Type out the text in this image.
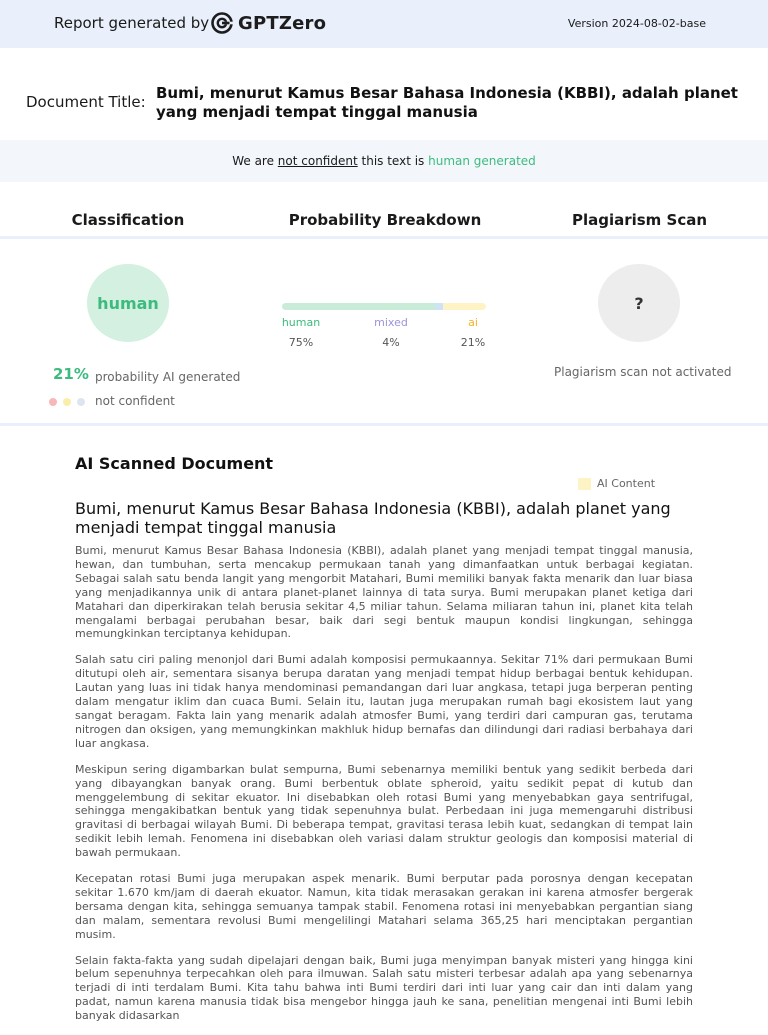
Report generated by GPTZero	Version 2024-08-02-base
Document Title: Bumi, menurut Kamus Besar Bahasa Indonesia (KBBI), adalah planet yang menjadi tempat tinggal manusia
We are not confident this text is human generated
Classification	Probability Breakdown	Plagiarism Scan
human
21% probability AI generated
not confident
human	mixed	ai
75%	4%	21%
?
Plagiarism scan not activated
AI Scanned Document
AI Content
Bumi, menurut Kamus Besar Bahasa Indonesia (KBBI), adalah planet yang menjadi tempat tinggal manusia

Bumi, menurut Kamus Besar Bahasa Indonesia (KBBI), adalah planet yang menjadi tempat tinggal manusia, hewan, dan tumbuhan, serta mencakup permukaan tanah yang dimanfaatkan untuk berbagai kegiatan. Sebagai salah satu benda langit yang mengorbit Matahari, Bumi memiliki banyak fakta menarik dan luar biasa yang menjadikannya unik di antara planet-planet lainnya di tata surya. Bumi merupakan planet ketiga dari Matahari dan diperkirakan telah berusia sekitar 4,5 miliar tahun. Selama miliaran tahun ini, planet kita telah mengalami berbagai perubahan besar, baik dari segi bentuk maupun kondisi lingkungan, sehingga memungkinkan terciptanya kehidupan.

Salah satu ciri paling menonjol dari Bumi adalah komposisi permukaannya. Sekitar 71% dari permukaan Bumi ditutupi oleh air, sementara sisanya berupa daratan yang menjadi tempat hidup berbagai bentuk kehidupan. Lautan yang luas ini tidak hanya mendominasi pemandangan dari luar angkasa, tetapi juga berperan penting dalam mengatur iklim dan cuaca Bumi. Selain itu, lautan juga merupakan rumah bagi ekosistem laut yang sangat beragam. Fakta lain yang menarik adalah atmosfer Bumi, yang terdiri dari campuran gas, terutama nitrogen dan oksigen, yang memungkinkan makhluk hidup bernafas dan dilindungi dari radiasi berbahaya dari luar angkasa.

Meskipun sering digambarkan bulat sempurna, Bumi sebenarnya memiliki bentuk yang sedikit berbeda dari yang dibayangkan banyak orang. Bumi berbentuk oblate spheroid, yaitu sedikit pepat di kutub dan menggelembung di sekitar ekuator. Ini disebabkan oleh rotasi Bumi yang menyebabkan gaya sentrifugal, sehingga mengakibatkan bentuk yang tidak sepenuhnya bulat. Perbedaan ini juga memengaruhi distribusi gravitasi di berbagai wilayah Bumi. Di beberapa tempat, gravitasi terasa lebih kuat, sedangkan di tempat lain sedikit lebih lemah. Fenomena ini disebabkan oleh variasi dalam struktur geologis dan komposisi material di bawah permukaan.

Kecepatan rotasi Bumi juga merupakan aspek menarik. Bumi berputar pada porosnya dengan kecepatan sekitar 1.670 km/jam di daerah ekuator. Namun, kita tidak merasakan gerakan ini karena atmosfer bergerak bersama dengan kita, sehingga semuanya tampak stabil. Fenomena rotasi ini menyebabkan pergantian siang dan malam, sementara revolusi Bumi mengelilingi Matahari selama 365,25 hari menciptakan pergantian musim.

Selain fakta-fakta yang sudah dipelajari dengan baik, Bumi juga menyimpan banyak misteri yang hingga kini belum sepenuhnya terpecahkan oleh para ilmuwan. Salah satu misteri terbesar adalah apa yang sebenarnya terjadi di inti terdalam Bumi. Kita tahu bahwa inti Bumi terdiri dari inti luar yang cair dan inti dalam yang padat, namun karena manusia tidak bisa mengebor hingga jauh ke sana, penelitian mengenai inti Bumi lebih banyak didasarkan
